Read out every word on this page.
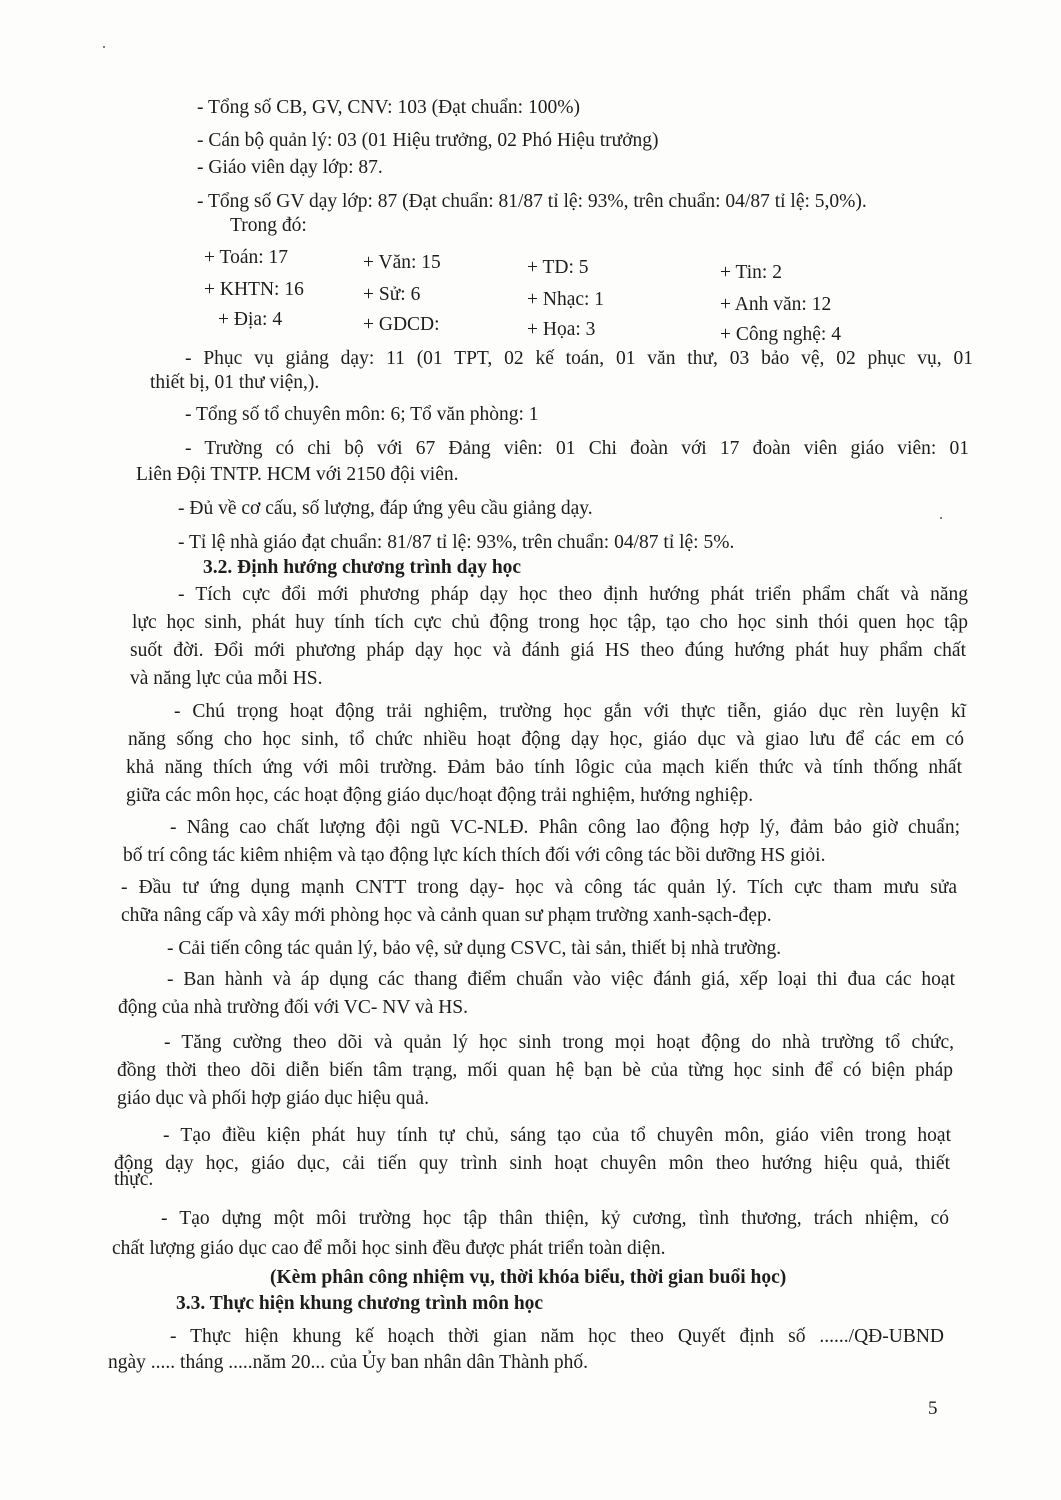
- Tổng số CB, GV, CNV: 103 (Đạt chuẩn: 100%)
- Cán bộ quản lý: 03 (01 Hiệu trưởng, 02 Phó Hiệu trưởng)
- Giáo viên dạy lớp: 87.
- Tổng số GV dạy lớp: 87 (Đạt chuẩn: 81/87 tỉ lệ: 93%, trên chuẩn: 04/87 tỉ lệ: 5,0%).
Trong đó:
+ Toán: 17	+ Văn: 15	+ TD: 5	+ Tin: 2
+ KHTN: 16	+ Sử: 6	+ Nhạc: 1	+ Anh văn: 12
+ Địa: 4	+ GDCD:	+ Họa: 3	+ Công nghệ: 4
- Phục vụ giảng dạy: 11 (01 TPT, 02 kế toán, 01 văn thư, 03 bảo vệ, 02 phục vụ, 01
thiết bị, 01 thư viện,).
- Tổng số tổ chuyên môn: 6; Tổ văn phòng: 1
- Trường có chi bộ với 67 Đảng viên: 01 Chi đoàn với 17 đoàn viên giáo viên: 01
Liên Đội TNTP. HCM với 2150 đội viên.
- Đủ về cơ cấu, số lượng, đáp ứng yêu cầu giảng dạy.
- Tỉ lệ nhà giáo đạt chuẩn: 81/87 tỉ lệ: 93%, trên chuẩn: 04/87 tỉ lệ: 5%.
3.2. Định hướng chương trình dạy học
- Tích cực đổi mới phương pháp dạy học theo định hướng phát triển phẩm chất và năng
lực học sinh, phát huy tính tích cực chủ động trong học tập, tạo cho học sinh thói quen học tập
suốt đời. Đổi mới phương pháp dạy học và đánh giá HS theo đúng hướng phát huy phẩm chất
và năng lực của mỗi HS.
- Chú trọng hoạt động trải nghiệm, trường học gắn với thực tiễn, giáo dục rèn luyện kĩ
năng sống cho học sinh, tổ chức nhiều hoạt động dạy học, giáo dục và giao lưu để các em có
khả năng thích ứng với môi trường. Đảm bảo tính lôgic của mạch kiến thức và tính thống nhất
giữa các môn học, các hoạt động giáo dục/hoạt động trải nghiệm, hướng nghiệp.
- Nâng cao chất lượng đội ngũ VC-NLĐ. Phân công lao động hợp lý, đảm bảo giờ chuẩn;
bố trí công tác kiêm nhiệm và tạo động lực kích thích đối với công tác bồi dưỡng HS giỏi.
- Đầu tư ứng dụng mạnh CNTT trong dạy- học và công tác quản lý. Tích cực tham mưu sửa
chữa nâng cấp và xây mới phòng học và cảnh quan sư phạm trường xanh-sạch-đẹp.
- Cải tiến công tác quản lý, bảo vệ, sử dụng CSVC, tài sản, thiết bị nhà trường.
- Ban hành và áp dụng các thang điểm chuẩn vào việc đánh giá, xếp loại thi đua các hoạt
động của nhà trường đối với VC- NV và HS.
- Tăng cường theo dõi và quản lý học sinh trong mọi hoạt động do nhà trường tổ chức,
đồng thời theo dõi diễn biến tâm trạng, mối quan hệ bạn bè của từng học sinh để có biện pháp
giáo dục và phối hợp giáo dục hiệu quả.
- Tạo điều kiện phát huy tính tự chủ, sáng tạo của tổ chuyên môn, giáo viên trong hoạt
động dạy học, giáo dục, cải tiến quy trình sinh hoạt chuyên môn theo hướng hiệu quả, thiết
thực.
- Tạo dựng một môi trường học tập thân thiện, kỷ cương, tình thương, trách nhiệm, có
chất lượng giáo dục cao để mỗi học sinh đều được phát triển toàn diện.
(Kèm phân công nhiệm vụ, thời khóa biểu, thời gian buổi học)
3.3. Thực hiện khung chương trình môn học
- Thực hiện khung kế hoạch thời gian năm học theo Quyết định số ....../QĐ-UBND
ngày ..... tháng .....năm 20... của Ủy ban nhân dân Thành phố.
5
